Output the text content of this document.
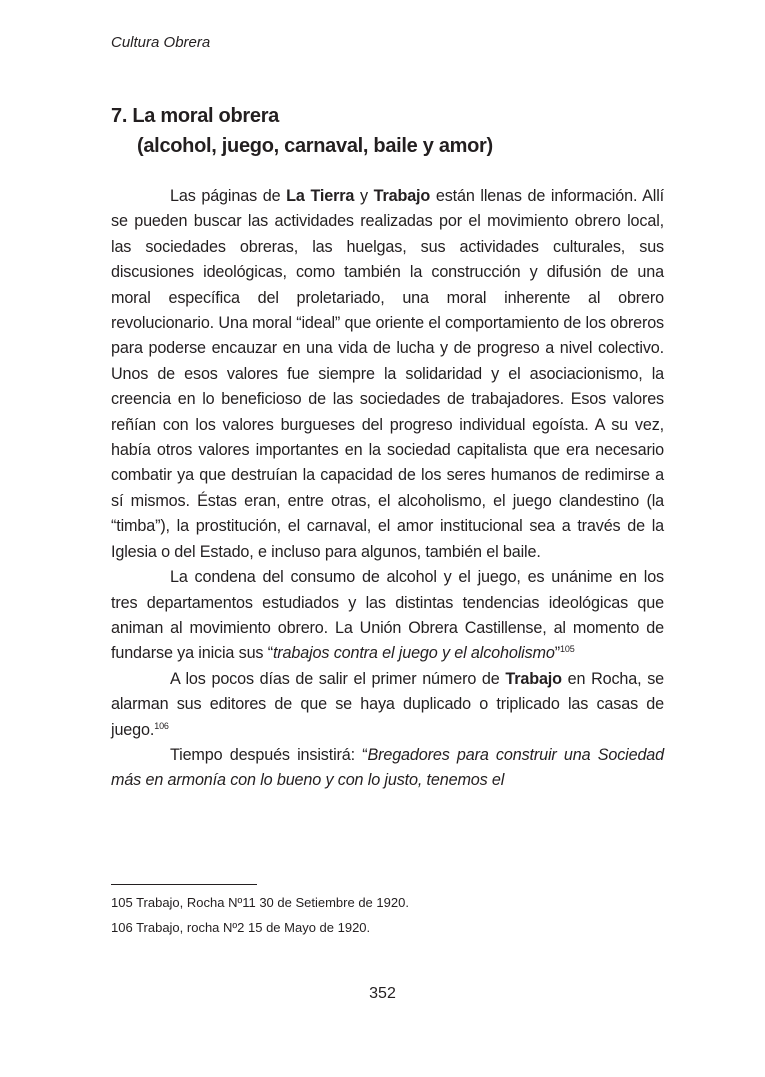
Cultura Obrera
7. La moral obrera
(alcohol, juego, carnaval, baile y amor)

Las páginas de La Tierra y Trabajo están llenas de información. Allí se pueden buscar las actividades realizadas por el movimiento obrero local, las sociedades obreras, las huelgas, sus actividades culturales, sus discusiones ideológicas, como también la construcción y difusión de una moral específica del proletariado, una moral inherente al obrero revolucionario. Una moral “ideal” que oriente el comportamiento de los obreros para poderse encauzar en una vida de lucha y de progreso a nivel colectivo. Unos de esos valores fue siempre la solidaridad y el asociacionismo, la creencia en lo beneficioso de las sociedades de trabajadores. Esos valores reñían con los valores burgueses del progreso individual egoísta. A su vez, había otros valores importantes en la sociedad capitalista que era necesario combatir ya que destruían la capacidad de los seres humanos de redimirse a sí mismos. Éstas eran, entre otras, el alcoholismo, el juego clandestino (la “timba”), la prostitución, el carnaval, el amor institucional sea a través de la Iglesia o del Estado, e incluso para algunos, también el baile.

La condena del consumo de alcohol y el juego, es unánime en los tres departamentos estudiados y las distintas tendencias ideológicas que animan al movimiento obrero. La Unión Obrera Castillense, al momento de fundarse ya inicia sus “trabajos contra el juego y el alcoholismo”$^{105}$

A los pocos días de salir el primer número de Trabajo en Rocha, se alarman sus editores de que se haya duplicado o triplicado las casas de juego.$^{106}$

Tiempo después insistirá: “Bregadores para construir una Sociedad más en armonía con lo bueno y con lo justo, tenemos el

105 Trabajo, Rocha Nº11 30 de Setiembre de 1920.
106 Trabajo, rocha Nº2 15 de Mayo de 1920.
352
